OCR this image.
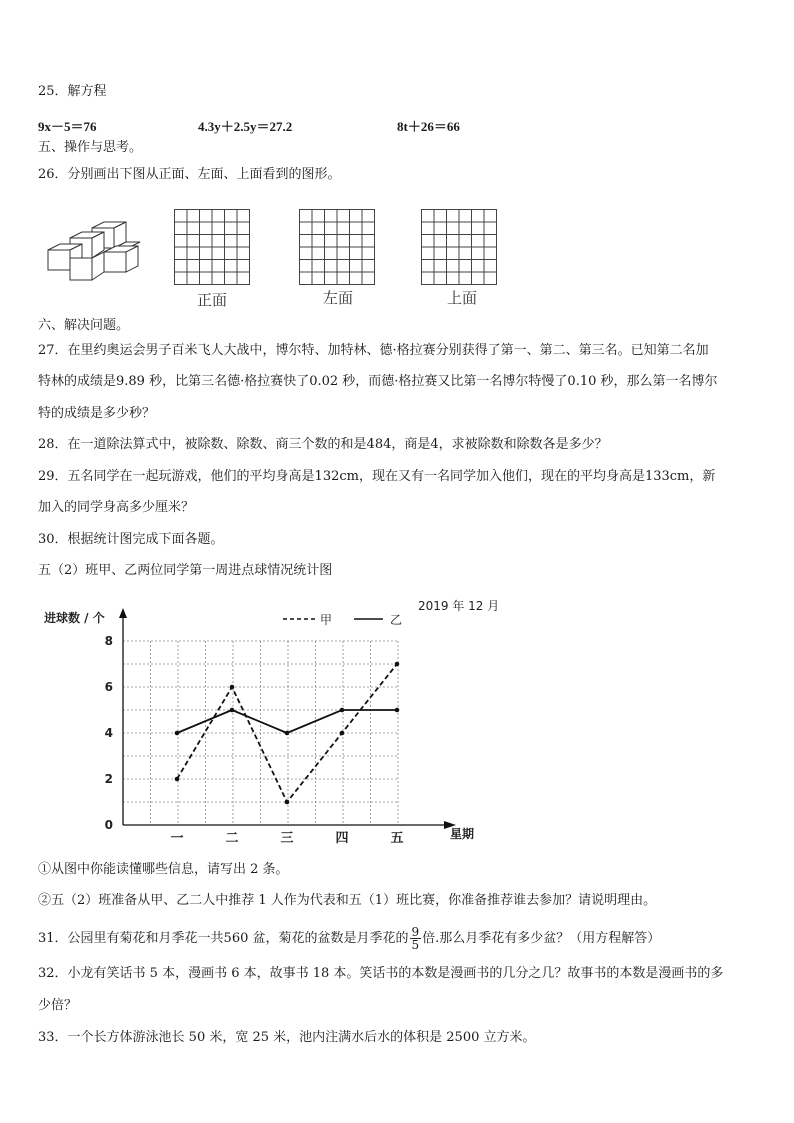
25．解方程
9x－5＝76	4.3y＋2.5y＝27.2	8t＋26＝66
五、操作与思考。
26．分别画出下图从正面、左面、上面看到的图形。
正面	左面	上面
六、解决问题。
27．在里约奥运会男子百米飞人大战中，博尔特、加特林、德·格拉赛分别获得了第一、第二、第三名。已知第二名加
特林的成绩是9.89 秒，比第三名德·格拉赛快了0.02 秒，而德·格拉赛又比第一名博尔特慢了0.10 秒，那么第一名博尔
特的成绩是多少秒？
28．在一道除法算式中，被除数、除数、商三个数的和是484，商是4，求被除数和除数各是多少？
29．五名同学在一起玩游戏，他们的平均身高是132cm，现在又有一名同学加入他们，现在的平均身高是133cm，新
加入的同学身高多少厘米？
30．根据统计图完成下面各题。
五（2）班甲、乙两位同学第一周进点球情况统计图
进球数 / 个
2019 年 12 月
星期
甲	乙
0
2
4
6
8
一	二	三	四	五
①从图中你能读懂哪些信息，请写出 2 条。
②五（2）班准备从甲、乙二人中推荐 1 人作为代表和五（1）班比赛，你准备推荐谁去参加？请说明理由。
31．公园里有菊花和月季花一共560 盆，菊花的盆数是月季花的 $\frac{9}{5}$ 倍.那么月季花有多少盆？（用方程解答）
32．小龙有笑话书 5 本，漫画书 6 本，故事书 18 本。笑话书的本数是漫画书的几分之几？故事书的本数是漫画书的多
少倍？
33．一个长方体游泳池长 50 米，宽 25 米，池内注满水后水的体积是 2500 立方米。
